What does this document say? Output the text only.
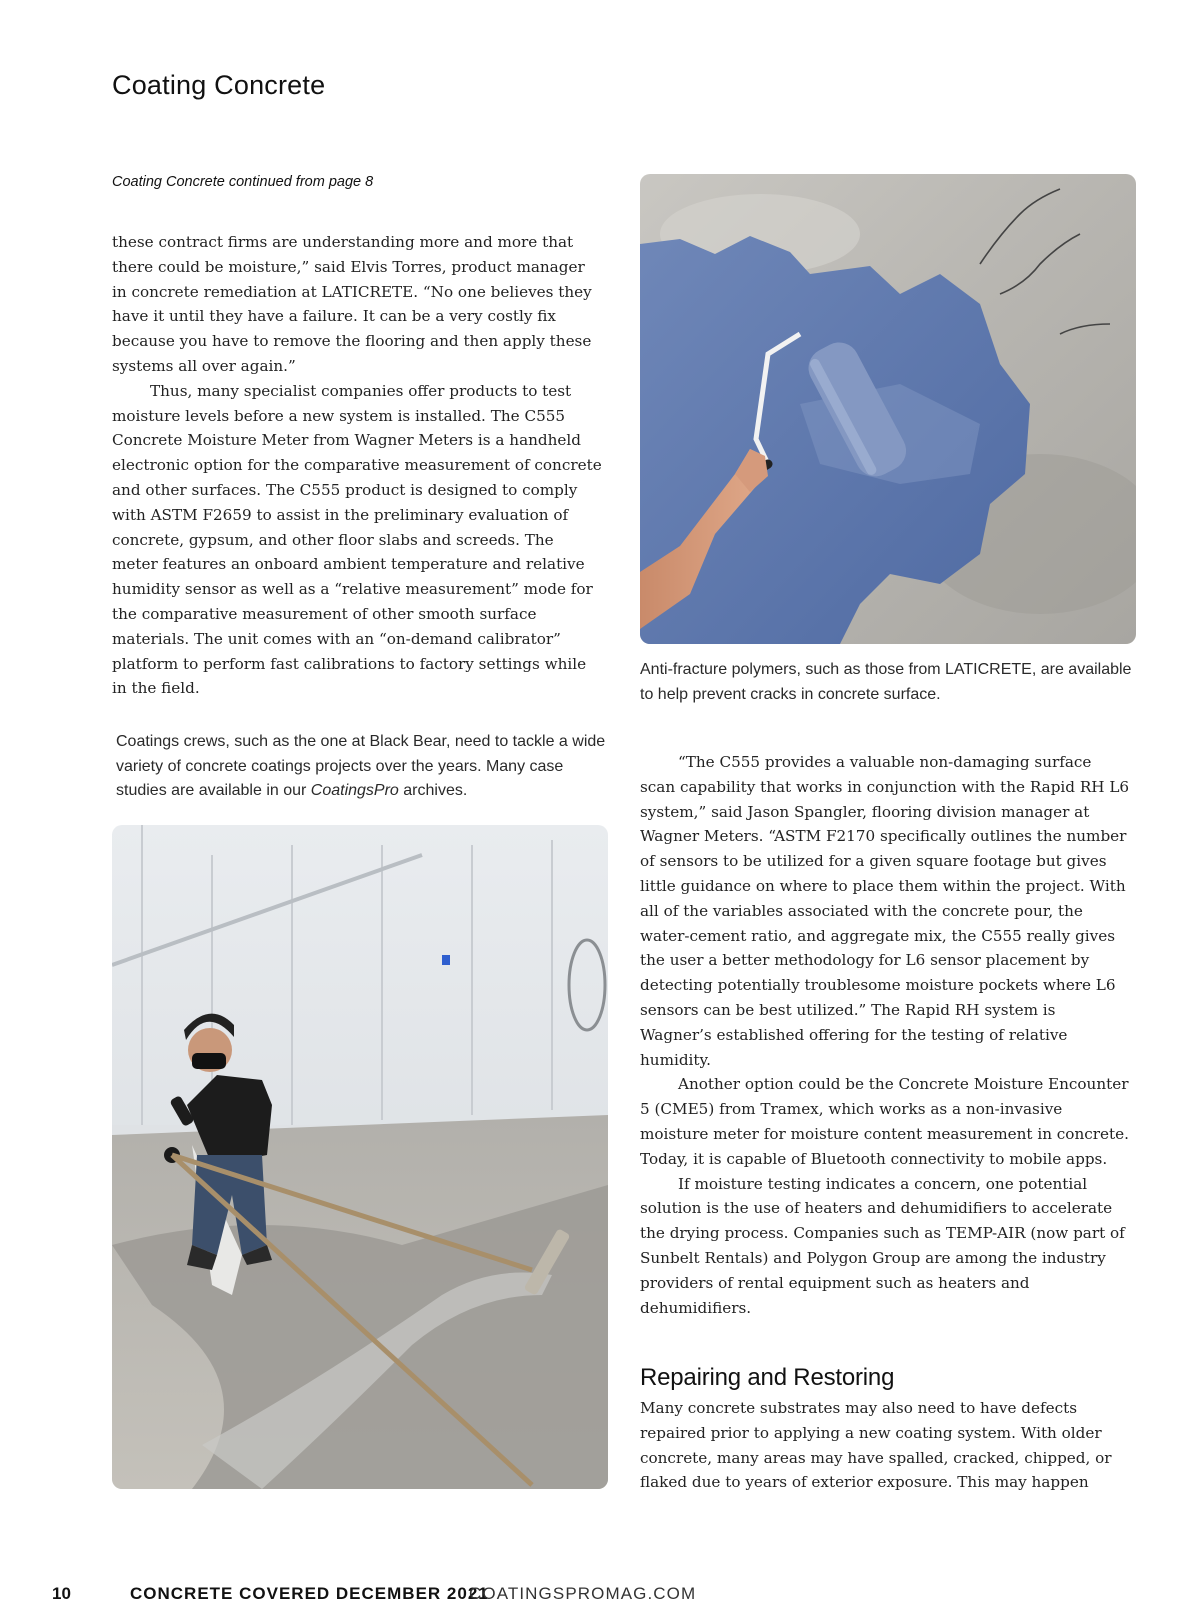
Coating Concrete
Coating Concrete continued from page 8

these contract firms are understanding more and more that there could be moisture,” said Elvis Torres, product manager in concrete remediation at LATICRETE. “No one believes they have it until they have a failure. It can be a very costly fix because you have to remove the flooring and then apply these systems all over again.”

Thus, many specialist companies offer products to test moisture levels before a new system is installed. The C555 Concrete Moisture Meter from Wagner Meters is a handheld electronic option for the comparative measurement of concrete and other surfaces. The C555 product is designed to comply with ASTM F2659 to assist in the preliminary evaluation of concrete, gypsum, and other floor slabs and screeds. The meter features an onboard ambient temperature and relative humidity sensor as well as a “relative measurement” mode for the comparative measurement of other smooth surface materials. The unit comes with an “on-demand calibrator” platform to perform fast calibrations to factory settings while in the field.

Anti-fracture polymers, such as those from LATICRETE, are available to help prevent cracks in concrete surface.
Coatings crews, such as the one at Black Bear, need to tackle a wide variety of concrete coatings projects over the years. Many case studies are available in our CoatingsPro archives.

“The C555 provides a valuable non-damaging surface scan capability that works in conjunction with the Rapid RH L6 system,” said Jason Spangler, flooring division manager at Wagner Meters. “ASTM F2170 specifically outlines the number of sensors to be utilized for a given square footage but gives little guidance on where to place them within the project. With all of the variables associated with the concrete pour, the water-cement ratio, and aggregate mix, the C555 really gives the user a better methodology for L6 sensor placement by detecting potentially troublesome moisture pockets where L6 sensors can be best utilized.” The Rapid RH system is Wagner’s established offering for the testing of relative humidity.

Another option could be the Concrete Moisture Encounter 5 (CME5) from Tramex, which works as a non-invasive moisture meter for moisture content measurement in concrete. Today, it is capable of Bluetooth connectivity to mobile apps.

If moisture testing indicates a concern, one potential solution is the use of heaters and dehumidifiers to accelerate the drying process. Companies such as TEMP-AIR (now part of Sunbelt Rentals) and Polygon Group are among the industry providers of rental equipment such as heaters and dehumidifiers.

Repairing and Restoring

Many concrete substrates may also need to have defects repaired prior to applying a new coating system. With older concrete, many areas may have spalled, cracked, chipped, or flaked due to years of exterior exposure. This may happen

10	CONCRETE COVERED DECEMBER 2021
COATINGSPROMAG.COM
